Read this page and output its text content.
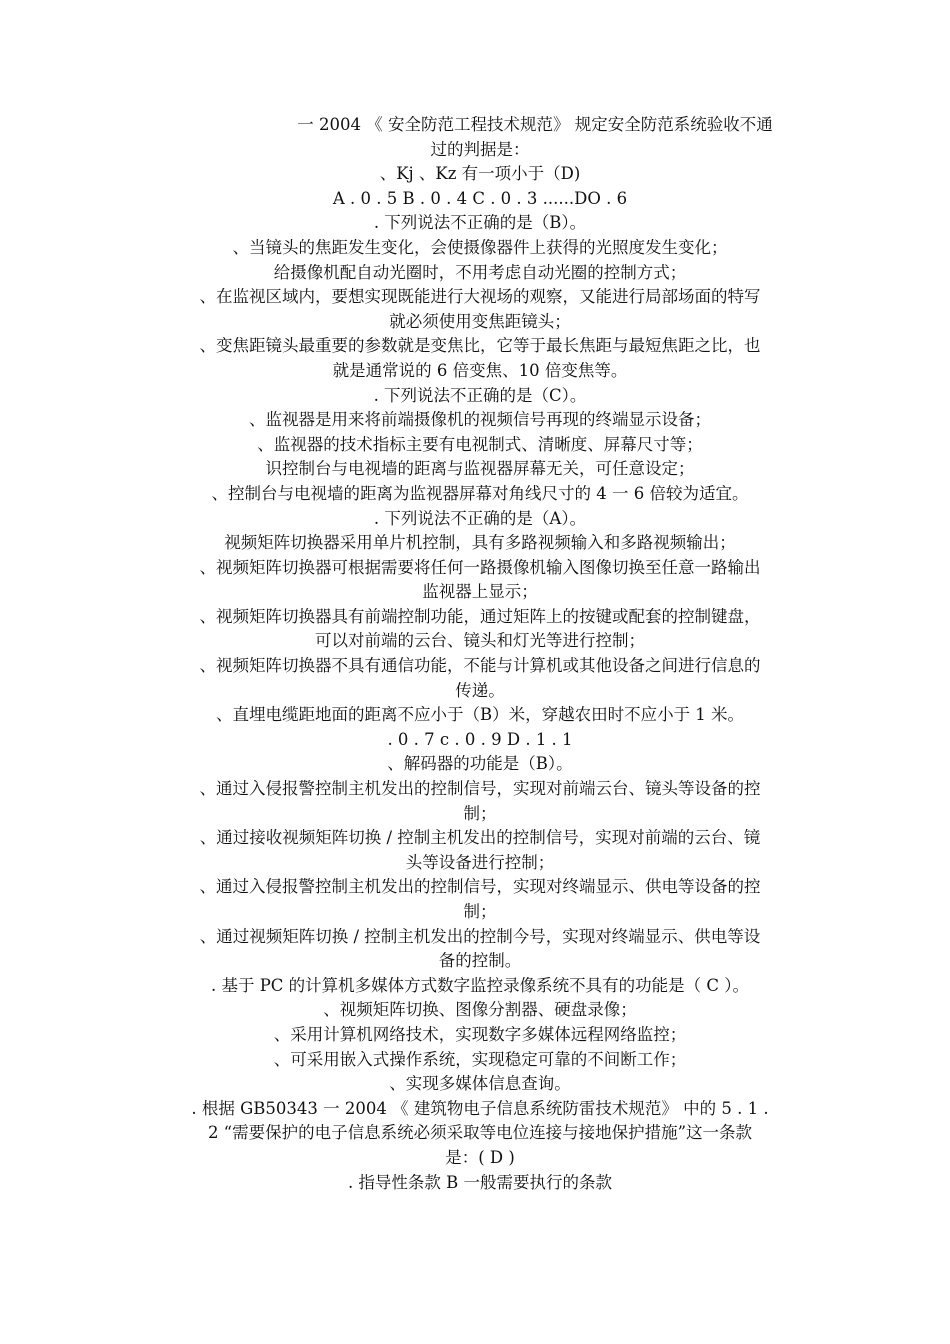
一 2004 《 安全防范工程技术规范》 规定安全防范系统验收不通
过的判据是：
、Kj 、Kz 有一项小于（D)
A . 0 . 5 B . 0 . 4 C . 0 . 3 ......DO . 6
. 下列说法不正确的是（B）。
、当镜头的焦距发生变化，会使摄像器件上获得的光照度发生变化；
给摄像机配自动光圈时，不用考虑自动光圈的控制方式；
、在监视区域内，要想实现既能进行大视场的观察，又能进行局部场面的特写
就必须使用变焦距镜头；
、变焦距镜头最重要的参数就是变焦比，它等于最长焦距与最短焦距之比，也
就是通常说的 6 倍变焦、10 倍变焦等。
. 下列说法不正确的是（C）。
、监视器是用来将前端摄像机的视频信号再现的终端显示设备；
、监视器的技术指标主要有电视制式、清晰度、屏幕尺寸等；
识控制台与电视墙的距离与监视器屏幕无关，可任意设定；
、控制台与电视墙的距离为监视器屏幕对角线尺寸的 4 一 6 倍较为适宜。
. 下列说法不正确的是（A）。
视频矩阵切换器采用单片机控制，具有多路视频输入和多路视频输出；
、视频矩阵切换器可根据需要将任何一路摄像机输入图像切换至任意一路输出
监视器上显示；
、视频矩阵切换器具有前端控制功能，通过矩阵上的按键或配套的控制键盘，
可以对前端的云台、镜头和灯光等进行控制；
、视频矩阵切换器不具有通信功能，不能与计算机或其他设备之间进行信息的
传递。
、直埋电缆距地面的距离不应小于（B）米，穿越农田时不应小于 1 米。
. 0 . 7 c . 0 . 9 D . 1 . 1
、解码器的功能是（B）。
、通过入侵报警控制主机发出的控制信号，实现对前端云台、镜头等设备的控
制；
、通过接收视频矩阵切换 / 控制主机发出的控制信号，实现对前端的云台、镜
头等设备进行控制；
、通过入侵报警控制主机发出的控制信号，实现对终端显示、供电等设备的控
制；
、通过视频矩阵切换 / 控制主机发出的控制今号，实现对终端显示、供电等设
备的控制。
. 基于 PC 的计算机多媒体方式数字监控录像系统不具有的功能是（ C ）。
、视频矩阵切换、图像分割器、硬盘录像；
、采用计算机网络技术，实现数字多媒体远程网络监控；
、可采用嵌入式操作系统，实现稳定可靠的不间断工作；
、实现多媒体信息查询。
. 根据 GB50343 一 2004 《 建筑物电子信息系统防雷技术规范》 中的 5 . 1 .
2 “需要保护的电子信息系统必须采取等电位连接与接地保护措施”这一条款
是：( D )
. 指导性条款 B 一般需要执行的条款
